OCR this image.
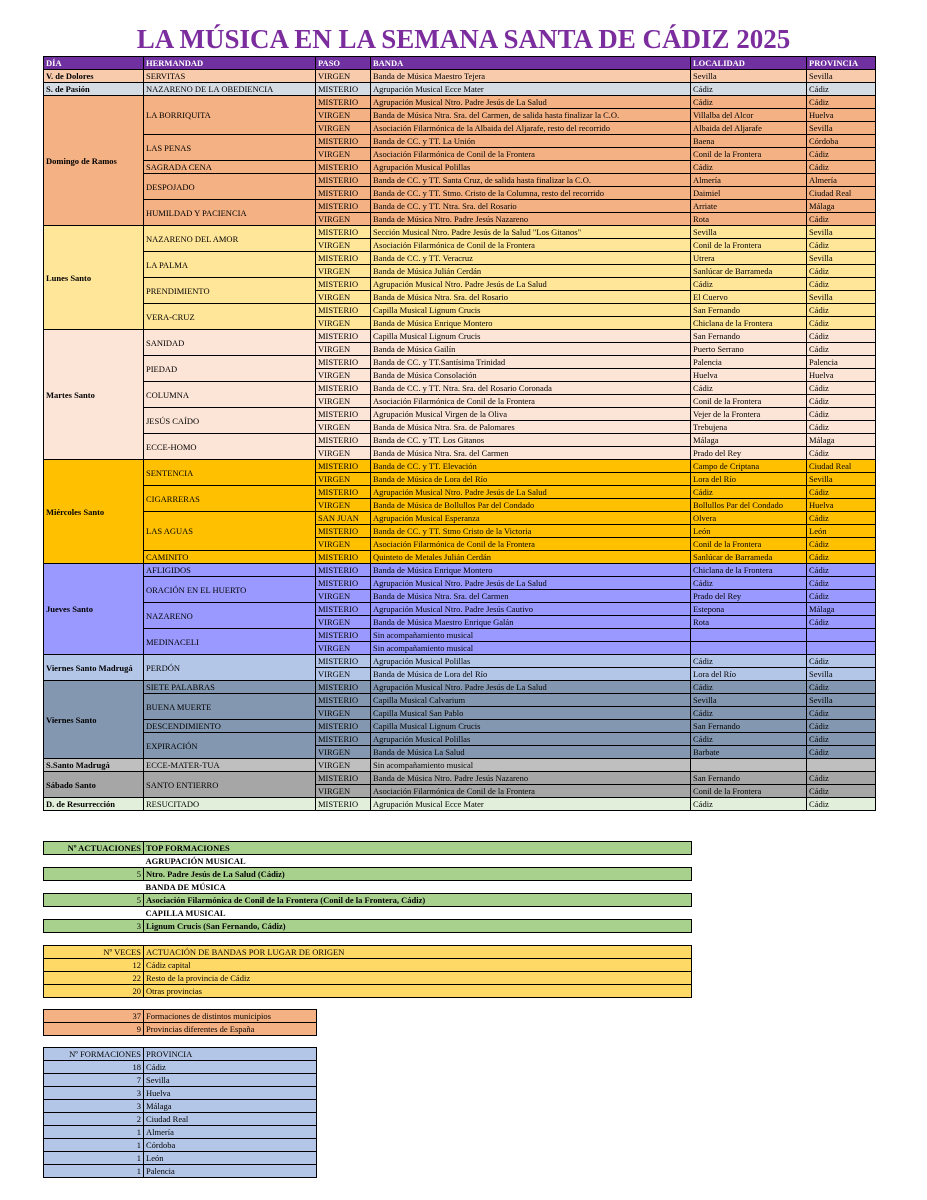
LA MÚSICA EN LA SEMANA SANTA DE CÁDIZ 2025
DÍA	HERMANDAD	PASO	BANDA	LOCALIDAD	PROVINCIA
V. de Dolores	SERVITAS	VIRGEN	Banda de Música Maestro Tejera	Sevilla	Sevilla
S. de Pasión	NAZARENO DE LA OBEDIENCIA	MISTERIO	Agrupación Musical Ecce Mater	Cádiz	Cádiz
Domingo de Ramos	LA BORRIQUITA	MISTERIO	Agrupación Musical Ntro. Padre Jesús de La Salud	Cádiz	Cádiz
		VIRGEN	Banda de Música Ntra. Sra. del Carmen, de salida hasta finalizar la C.O.	Villalba del Alcor	Huelva
		VIRGEN	Asociación Filarmónica de la Albaida del Aljarafe, resto del recorrido	Albaida del Aljarafe	Sevilla
	LAS PENAS	MISTERIO	Banda de CC. y TT. La Unión	Baena	Córdoba
		VIRGEN	Asociación Filarmónica de Conil de la Frontera	Conil de la Frontera	Cádiz
	SAGRADA CENA	MISTERIO	Agrupación Musical Polillas	Cádiz	Cádiz
	DESPOJADO	MISTERIO	Banda de CC. y TT. Santa Cruz, de salida hasta finalizar la C.O.	Almería	Almería
		MISTERIO	Banda de CC. y TT. Stmo. Cristo de la Columna, resto del recorrido	Daimiel	Ciudad Real
	HUMILDAD Y PACIENCIA	MISTERIO	Banda de CC. y TT. Ntra. Sra. del Rosario	Arriate	Málaga
		VIRGEN	Banda de Música Ntro. Padre Jesús Nazareno	Rota	Cádiz
Lunes Santo	NAZARENO DEL AMOR	MISTERIO	Sección Musical Ntro. Padre Jesús de la Salud "Los Gitanos"	Sevilla	Sevilla
		VIRGEN	Asociación Filarmónica de Conil de la Frontera	Conil de la Frontera	Cádiz
	LA PALMA	MISTERIO	Banda de CC. y TT. Veracruz	Utrera	Sevilla
		VIRGEN	Banda de Música Julián Cerdán	Sanlúcar de Barrameda	Cádiz
	PRENDIMIENTO	MISTERIO	Agrupación Musical Ntro. Padre Jesús de La Salud	Cádiz	Cádiz
		VIRGEN	Banda de Música Ntra. Sra. del Rosario	El Cuervo	Sevilla
	VERA-CRUZ	MISTERIO	Capilla Musical Lignum Crucis	San Fernando	Cádiz
		VIRGEN	Banda de Música Enrique Montero	Chiclana de la Frontera	Cádiz
Martes Santo	SANIDAD	MISTERIO	Capilla Musical Lignum Crucis	San Fernando	Cádiz
		VIRGEN	Banda de Música Gailín	Puerto Serrano	Cádiz
	PIEDAD	MISTERIO	Banda de CC. y TT.Santísima Trinidad	Palencia	Palencia
		VIRGEN	Banda de Música Consolación	Huelva	Huelva
	COLUMNA	MISTERIO	Banda de CC. y TT. Ntra. Sra. del Rosario Coronada	Cádiz	Cádiz
		VIRGEN	Asociación Filarmónica de Conil de la Frontera	Conil de la Frontera	Cádiz
	JESÚS CAÍDO	MISTERIO	Agrupación Musical Virgen de la Oliva	Vejer de la Frontera	Cádiz
		VIRGEN	Banda de Música Ntra. Sra. de Palomares	Trebujena	Cádiz
	ECCE-HOMO	MISTERIO	Banda de CC. y TT. Los Gitanos	Málaga	Málaga
		VIRGEN	Banda de Música Ntra. Sra. del Carmen	Prado del Rey	Cádiz
Miércoles Santo	SENTENCIA	MISTERIO	Banda de CC. y TT. Elevación	Campo de Criptana	Ciudad Real
		VIRGEN	Banda de Música de Lora del Río	Lora del Río	Sevilla
	CIGARRERAS	MISTERIO	Agrupación Musical Ntro. Padre Jesús de La Salud	Cádiz	Cádiz
		VIRGEN	Banda de Música de Bollullos Par del Condado	Bollullos Par del Condado	Huelva
	LAS AGUAS	SAN JUAN	Agrupación Musical Esperanza	Olvera	Cádiz
		MISTERIO	Banda de CC. y TT. Stmo Cristo de la Victoria	León	León
		VIRGEN	Asociación Filarmónica de Conil de la Frontera	Conil de la Frontera	Cádiz
	CAMINITO	MISTERIO	Quinteto de Metales Julián Cerdán	Sanlúcar de Barrameda	Cádiz
Jueves Santo	AFLIGIDOS	MISTERIO	Banda de Música Enrique Montero	Chiclana de la Frontera	Cádiz
	ORACIÓN EN EL HUERTO	MISTERIO	Agrupación Musical Ntro. Padre Jesús de La Salud	Cádiz	Cádiz
		VIRGEN	Banda de Música Ntra. Sra. del Carmen	Prado del Rey	Cádiz
	NAZARENO	MISTERIO	Agrupación Musical Ntro. Padre Jesús Cautivo	Estepona	Málaga
		VIRGEN	Banda de Música Maestro Enrique Galán	Rota	Cádiz
	MEDINACELI	MISTERIO	Sin acompañamiento musical		
		VIRGEN	Sin acompañamiento musical		
Viernes Santo Madrugá	PERDÓN	MISTERIO	Agrupación Musical Polillas	Cádiz	Cádiz
		VIRGEN	Banda de Música de Lora del Río	Lora del Río	Sevilla
Viernes Santo	SIETE PALABRAS	MISTERIO	Agrupación Musical Ntro. Padre Jesús de La Salud	Cádiz	Cádiz
	BUENA MUERTE	MISTERIO	Capilla Musical Calvarium	Sevilla	Sevilla
		VIRGEN	Capilla Musical San Pablo	Cádiz	Cádiz
	DESCENDIMIENTO	MISTERIO	Capilla Musical Lignum Crucis	San Fernando	Cádiz
	EXPIRACIÓN	MISTERIO	Agrupación Musical Polillas	Cádiz	Cádiz
		VIRGEN	Banda de Música La Salud	Barbate	Cádiz
S.Santo Madrugá	ECCE-MATER-TUA	VIRGEN	Sin acompañamiento musical		
Sábado Santo	SANTO ENTIERRO	MISTERIO	Banda de Música Ntro. Padre Jesús Nazareno	San Fernando	Cádiz
		VIRGEN	Asociación Filarmónica de Conil de la Frontera	Conil de la Frontera	Cádiz
D. de Resurrección	RESUCITADO	MISTERIO	Agrupación Musical Ecce Mater	Cádiz	Cádiz
Nº ACTUACIONES	TOP FORMACIONES
	AGRUPACIÓN MUSICAL
5	Ntro. Padre Jesús de La Salud (Cádiz)
	BANDA DE MÚSICA
5	Asociación Filarmónica de Conil de la Frontera (Conil de la Frontera, Cádiz)
	CAPILLA MUSICAL
3	Lignum Crucis (San Fernando, Cádiz)
Nº VECES	ACTUACIÓN DE BANDAS POR LUGAR DE ORIGEN
12	Cádiz capital
22	Resto de la provincia de Cádiz
20	Otras provincias
37	Formaciones de distintos municipios
9	Provincias diferentes de España
Nº FORMACIONES	PROVINCIA
18	Cádiz
7	Sevilla
3	Huelva
3	Málaga
2	Ciudad Real
1	Almería
1	Córdoba
1	León
1	Palencia
